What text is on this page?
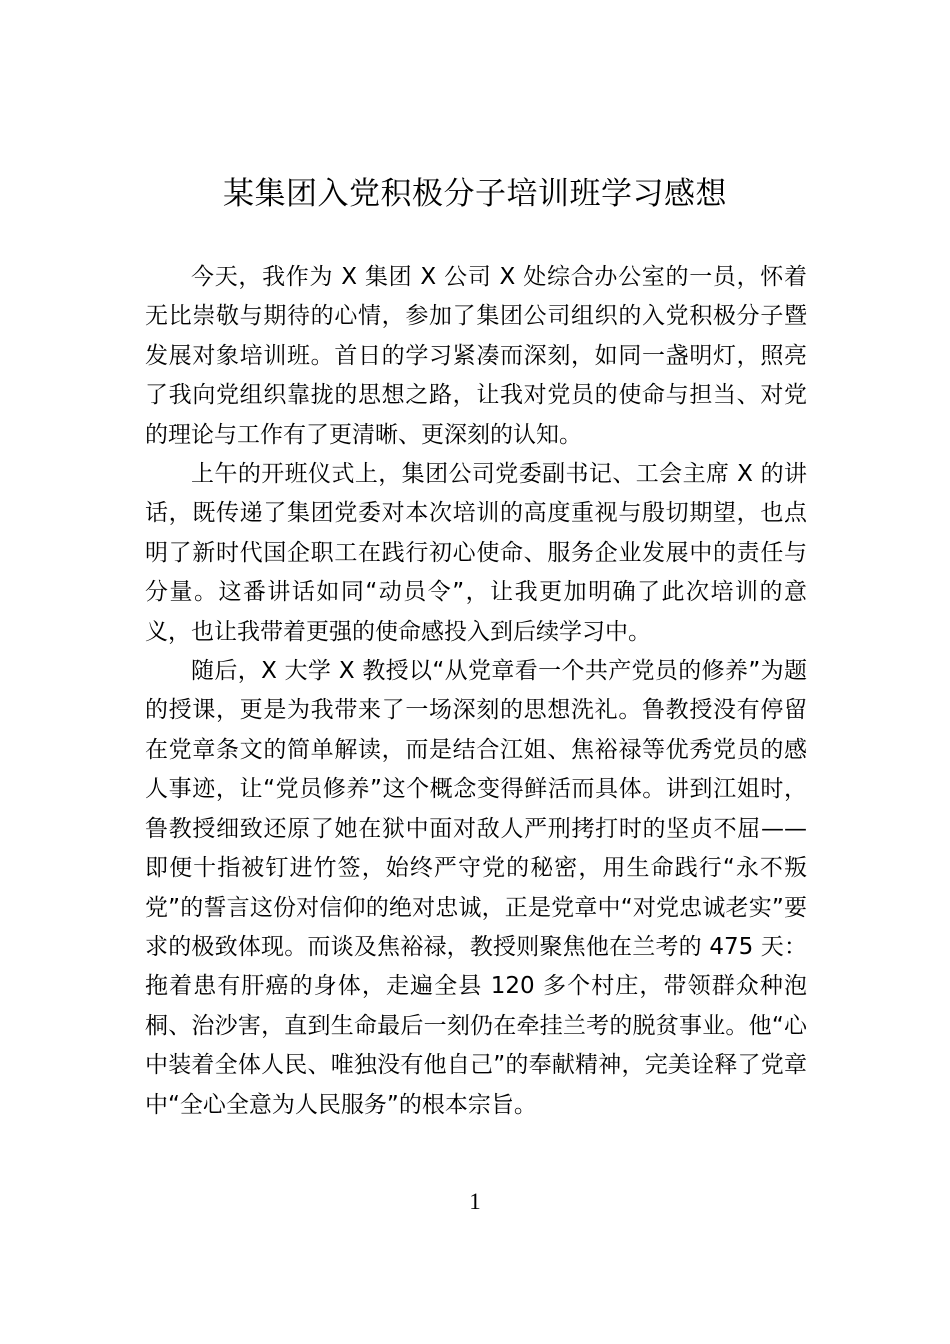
某集团入党积极分子培训班学习感想

今天，我作为 X 集团 X 公司 X 处综合办公室的一员，怀着无比崇敬与期待的心情，参加了集团公司组织的入党积极分子暨发展对象培训班。首日的学习紧凑而深刻，如同一盏明灯，照亮了我向党组织靠拢的思想之路，让我对党员的使命与担当、对党的理论与工作有了更清晰、更深刻的认知。

上午的开班仪式上，集团公司党委副书记、工会主席 X 的讲话，既传递了集团党委对本次培训的高度重视与殷切期望，也点明了新时代国企职工在践行初心使命、服务企业发展中的责任与分量。这番讲话如同“动员令”，让我更加明确了此次培训的意义，也让我带着更强的使命感投入到后续学习中。

随后，X 大学 X 教授以“从党章看一个共产党员的修养”为题的授课，更是为我带来了一场深刻的思想洗礼。鲁教授没有停留在党章条文的简单解读，而是结合江姐、焦裕禄等优秀党员的感人事迹，让“党员修养”这个概念变得鲜活而具体。讲到江姐时，鲁教授细致还原了她在狱中面对敌人严刑拷打时的坚贞不屈——即便十指被钉进竹签，始终严守党的秘密，用生命践行“永不叛党”的誓言这份对信仰的绝对忠诚，正是党章中“对党忠诚老实”要求的极致体现。而谈及焦裕禄，教授则聚焦他在兰考的 475 天：拖着患有肝癌的身体，走遍全县 120 多个村庄，带领群众种泡桐、治沙害，直到生命最后一刻仍在牵挂兰考的脱贫事业。他“心中装着全体人民、唯独没有他自己”的奉献精神，完美诠释了党章中“全心全意为人民服务”的根本宗旨。

1
